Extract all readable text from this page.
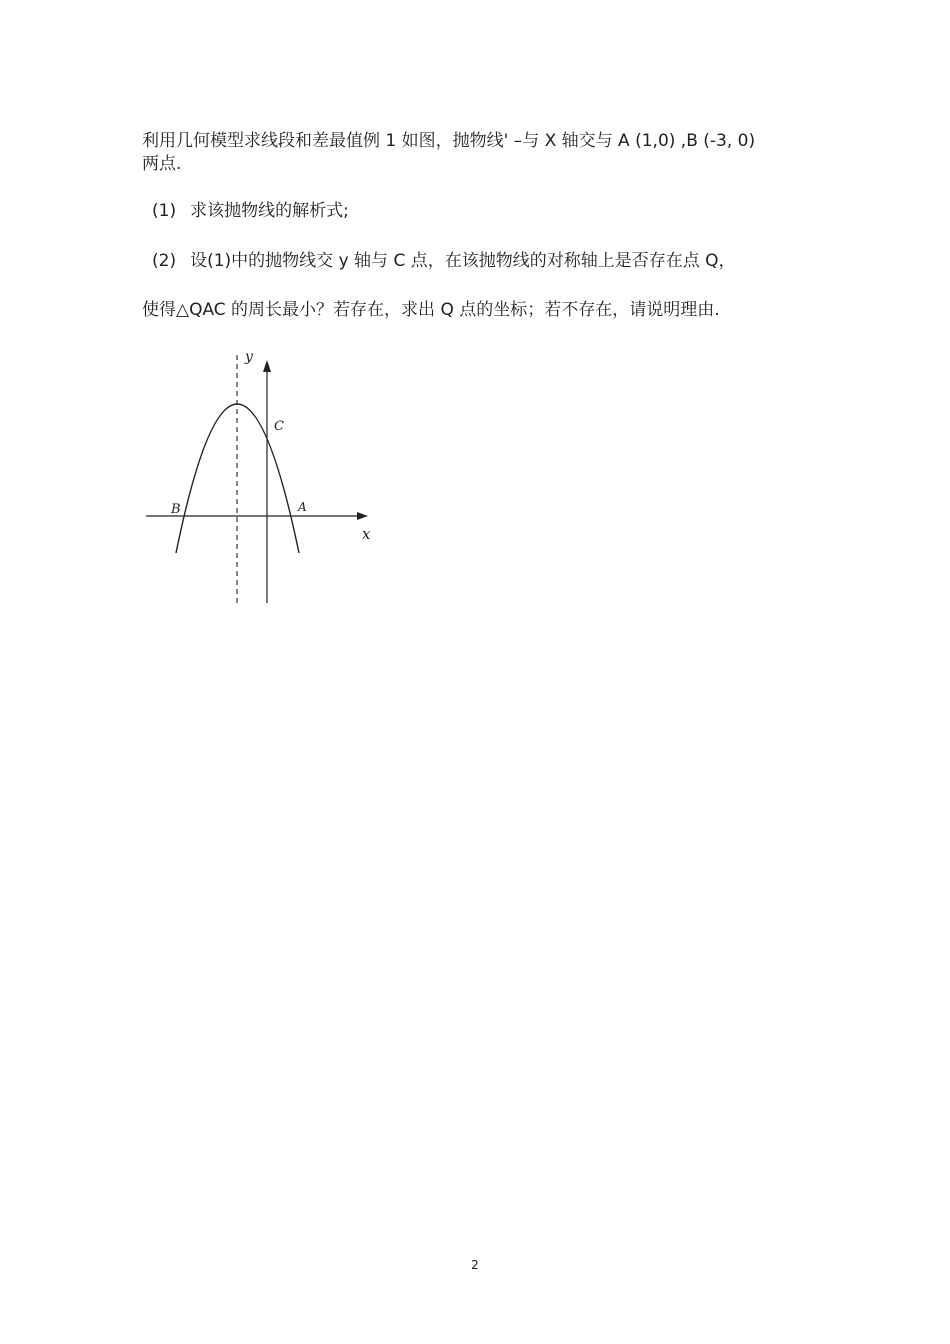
利用几何模型求线段和差最值例 1 如图，抛物线' –与 X 轴交与 A (1,0) ,B (-3, 0)
两点.
(1) 求该抛物线的解析式;
(2) 设(1)中的抛物线交 y 轴与 C 点，在该抛物线的对称轴上是否存在点 Q，
使得△QAC 的周长最小？若存在，求出 Q 点的坐标；若不存在，请说明理由.
y
x
C
B	A
2
